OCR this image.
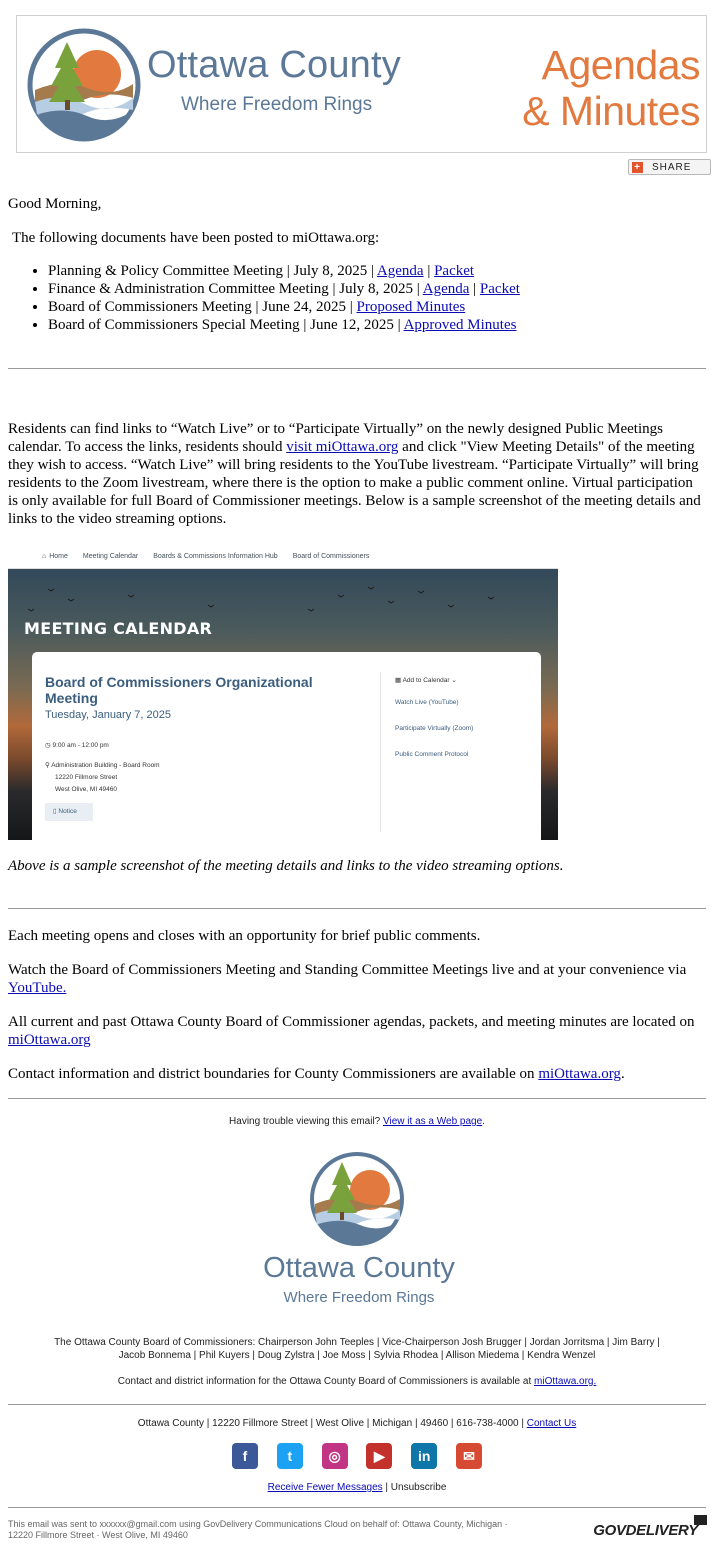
Ottawa County
Where Freedom Rings
Agendas
& Minutes
+ SHARE
Good Morning,
The following documents have been posted to miOttawa.org:
• Planning & Policy Committee Meeting | July 8, 2025 | Agenda | Packet
• Finance & Administration Committee Meeting | July 8, 2025 | Agenda | Packet
• Board of Commissioners Meeting | June 24, 2025 | Proposed Minutes
• Board of Commissioners Special Meeting | June 12, 2025 | Approved Minutes
Residents can find links to “Watch Live” or to “Participate Virtually” on the newly designed Public Meetings calendar. To access the links, residents should visit miOttawa.org and click "View Meeting Details" of the meeting they wish to access. “Watch Live” will bring residents to the YouTube livestream. “Participate Virtually” will bring residents to the Zoom livestream, where there is the option to make a public comment online. Virtual participation is only available for full Board of Commissioner meetings. Below is a sample screenshot of the meeting details and links to the video streaming options.
⌂ Home Meeting Calendar Boards & Commissions Information Hub Board of Commissioners
MEETING CALENDAR
Board of Commissioners Organizational Meeting
Tuesday, January 7, 2025
◷ 9:00 am - 12:00 pm
⚲ Administration Building - Board Room
12220 Fillmore Street
West Olive, MI 49460
▯ Notice
▦ Add to Calendar ⌄
Watch Live (YouTube)
Participate Virtually (Zoom)
Public Comment Protocol
Above is a sample screenshot of the meeting details and links to the video streaming options.
Each meeting opens and closes with an opportunity for brief public comments.
Watch the Board of Commissioners Meeting and Standing Committee Meetings live and at your convenience via YouTube.
All current and past Ottawa County Board of Commissioner agendas, packets, and meeting minutes are located on miOttawa.org
Contact information and district boundaries for County Commissioners are available on miOttawa.org.
Having trouble viewing this email? View it as a Web page.
Ottawa County
Where Freedom Rings
The Ottawa County Board of Commissioners: Chairperson John Teeples | Vice-Chairperson Josh Brugger | Jordan Jorritsma | Jim Barry |
Jacob Bonnema | Phil Kuyers | Doug Zylstra | Joe Moss | Sylvia Rhodea | Allison Miedema | Kendra Wenzel
Contact and district information for the Ottawa County Board of Commissioners is available at miOttawa.org.
Ottawa County | 12220 Fillmore Street | West Olive | Michigan | 49460 | 616-738-4000 | Contact Us
f	t	◎ ▶ in ✉
Receive Fewer Messages | Unsubscribe
This email was sent to xxxxxx@gmail.com using GovDelivery Communications Cloud on behalf of: Ottawa County, Michigan ·
12220 Fillmore Street · West Olive, MI 49460	GOVDELIVERY
